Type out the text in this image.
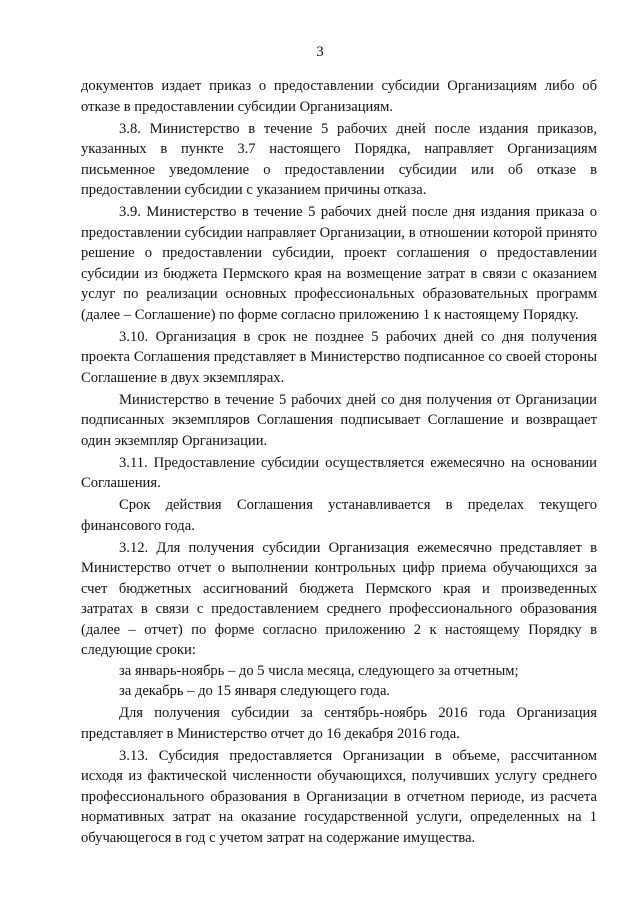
3

документов издает приказ о предоставлении субсидии Организациям либо об отказе в предоставлении субсидии Организациям.

3.8. Министерство в течение 5 рабочих дней после издания приказов, указанных в пункте 3.7 настоящего Порядка, направляет Организациям письменное уведомление о предоставлении субсидии или об отказе в предоставлении субсидии с указанием причины отказа.

3.9. Министерство в течение 5 рабочих дней после дня издания приказа о предоставлении субсидии направляет Организации, в отношении которой принято решение о предоставлении субсидии, проект соглашения о предоставлении субсидии из бюджета Пермского края на возмещение затрат в связи с оказанием услуг по реализации основных профессиональных образовательных программ (далее – Соглашение) по форме согласно приложению 1 к настоящему Порядку.

3.10. Организация в срок не позднее 5 рабочих дней со дня получения проекта Соглашения представляет в Министерство подписанное со своей стороны Соглашение в двух экземплярах.

Министерство в течение 5 рабочих дней со дня получения от Организации подписанных экземпляров Соглашения подписывает Соглашение и возвращает один экземпляр Организации.

3.11. Предоставление субсидии осуществляется ежемесячно на основании Соглашения.

Срок действия Соглашения устанавливается в пределах текущего финансового года.

3.12. Для получения субсидии Организация ежемесячно представляет в Министерство отчет о выполнении контрольных цифр приема обучающихся за счет бюджетных ассигнований бюджета Пермского края и произведенных затратах в связи с предоставлением среднего профессионального образования (далее – отчет) по форме согласно приложению 2 к настоящему Порядку в следующие сроки:

за январь-ноябрь – до 5 числа месяца, следующего за отчетным;

за декабрь – до 15 января следующего года.

Для получения субсидии за сентябрь-ноябрь 2016 года Организация представляет в Министерство отчет до 16 декабря 2016 года.

3.13. Субсидия предоставляется Организации в объеме, рассчитанном исходя из фактической численности обучающихся, получивших услугу среднего профессионального образования в Организации в отчетном периоде, из расчета нормативных затрат на оказание государственной услуги, определенных на 1 обучающегося в год с учетом затрат на содержание имущества.
